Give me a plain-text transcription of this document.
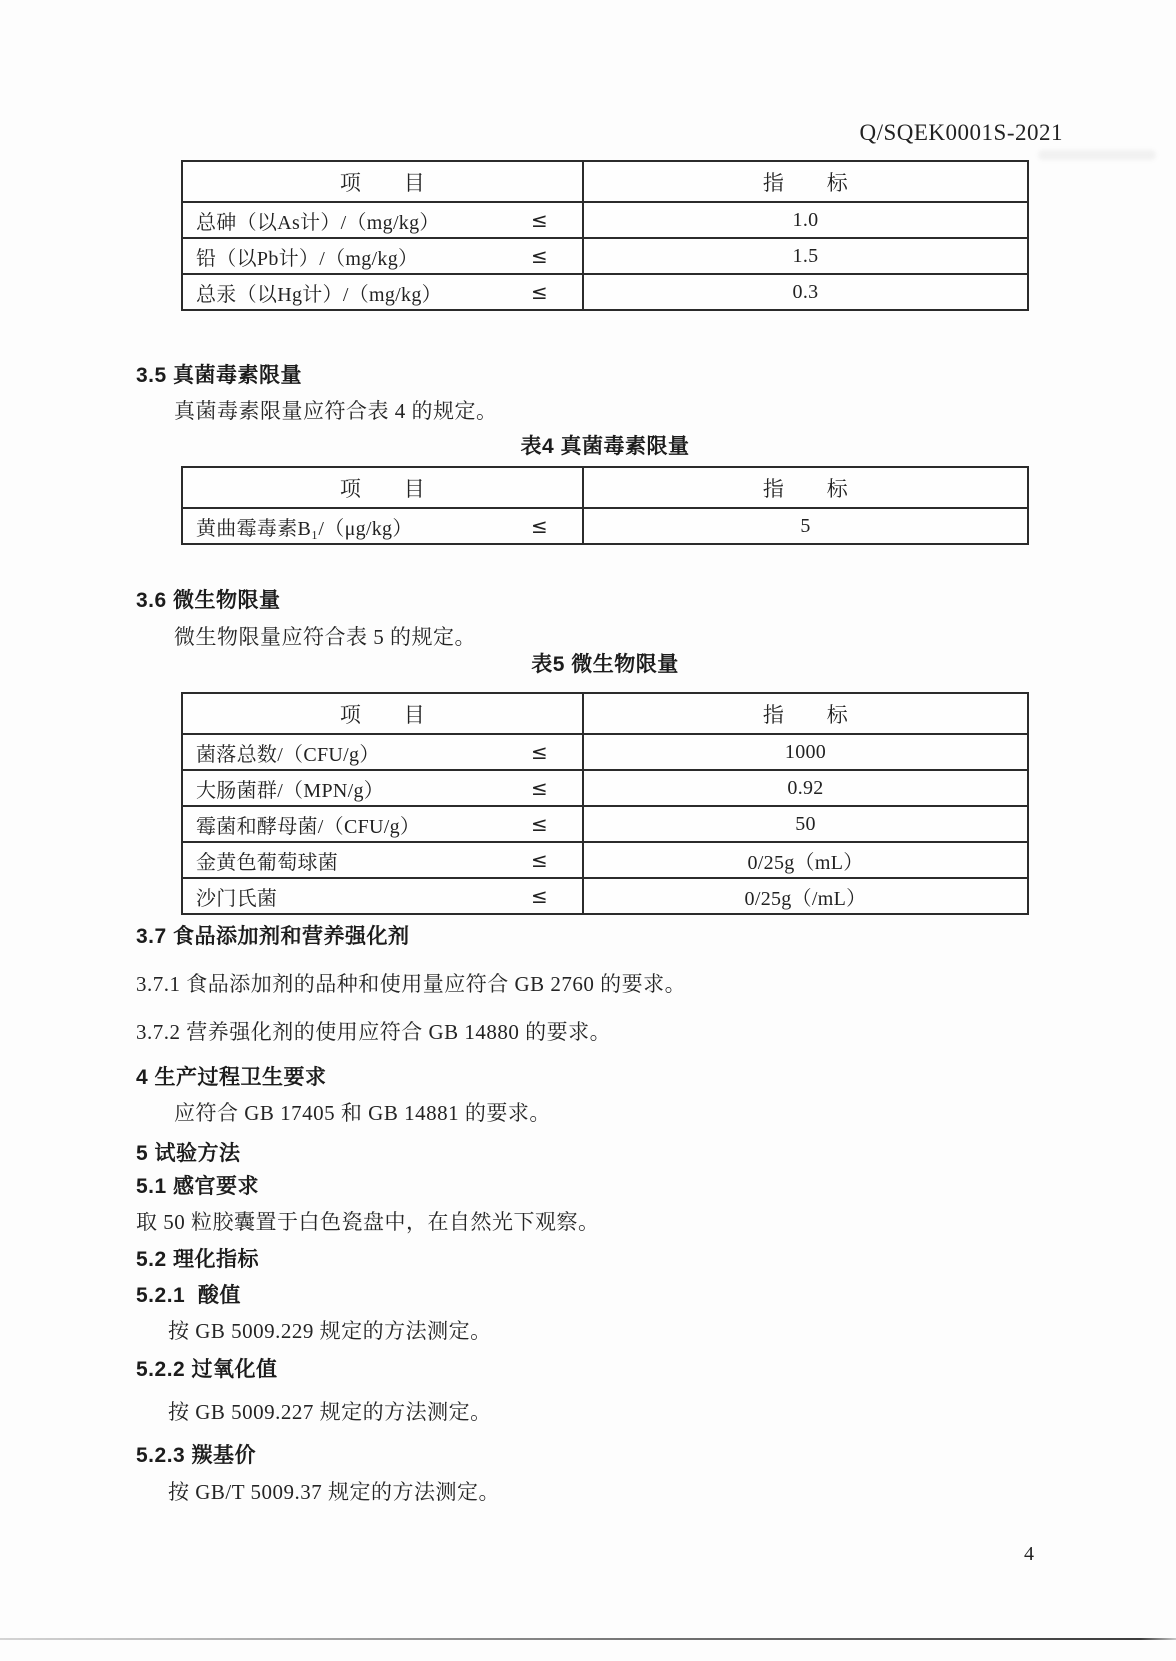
Q/SQEK0001S-2021
项　　目	指　　标
总砷（以As计）/（mg/kg）	≤	1.0
铅（以Pb计）/（mg/kg）	≤	1.5
总汞（以Hg计）/（mg/kg）	≤	0.3
3.5 真菌毒素限量
真菌毒素限量应符合表 4 的规定。
表4 真菌毒素限量
项　　目	指　　标
黄曲霉毒素B₁/（μg/kg）	≤	5
3.6 微生物限量
微生物限量应符合表 5 的规定。
表5 微生物限量
项　　目	指　　标
菌落总数/（CFU/g）	≤	1000
大肠菌群/（MPN/g）	≤	0.92
霉菌和酵母菌/（CFU/g）	≤	50
金黄色葡萄球菌	≤	0/25g（mL）
沙门氏菌	≤	0/25g（/mL）
3.7 食品添加剂和营养强化剂
3.7.1 食品添加剂的品种和使用量应符合 GB 2760 的要求。
3.7.2 营养强化剂的使用应符合 GB 14880 的要求。
4 生产过程卫生要求
应符合 GB 17405 和 GB 14881 的要求。
5 试验方法
5.1 感官要求
取 50 粒胶囊置于白色瓷盘中，在自然光下观察。
5.2 理化指标
5.2.1  酸值
按 GB 5009.229 规定的方法测定。
5.2.2 过氧化值
按 GB 5009.227 规定的方法测定。
5.2.3 羰基价
按 GB/T 5009.37 规定的方法测定。
4
